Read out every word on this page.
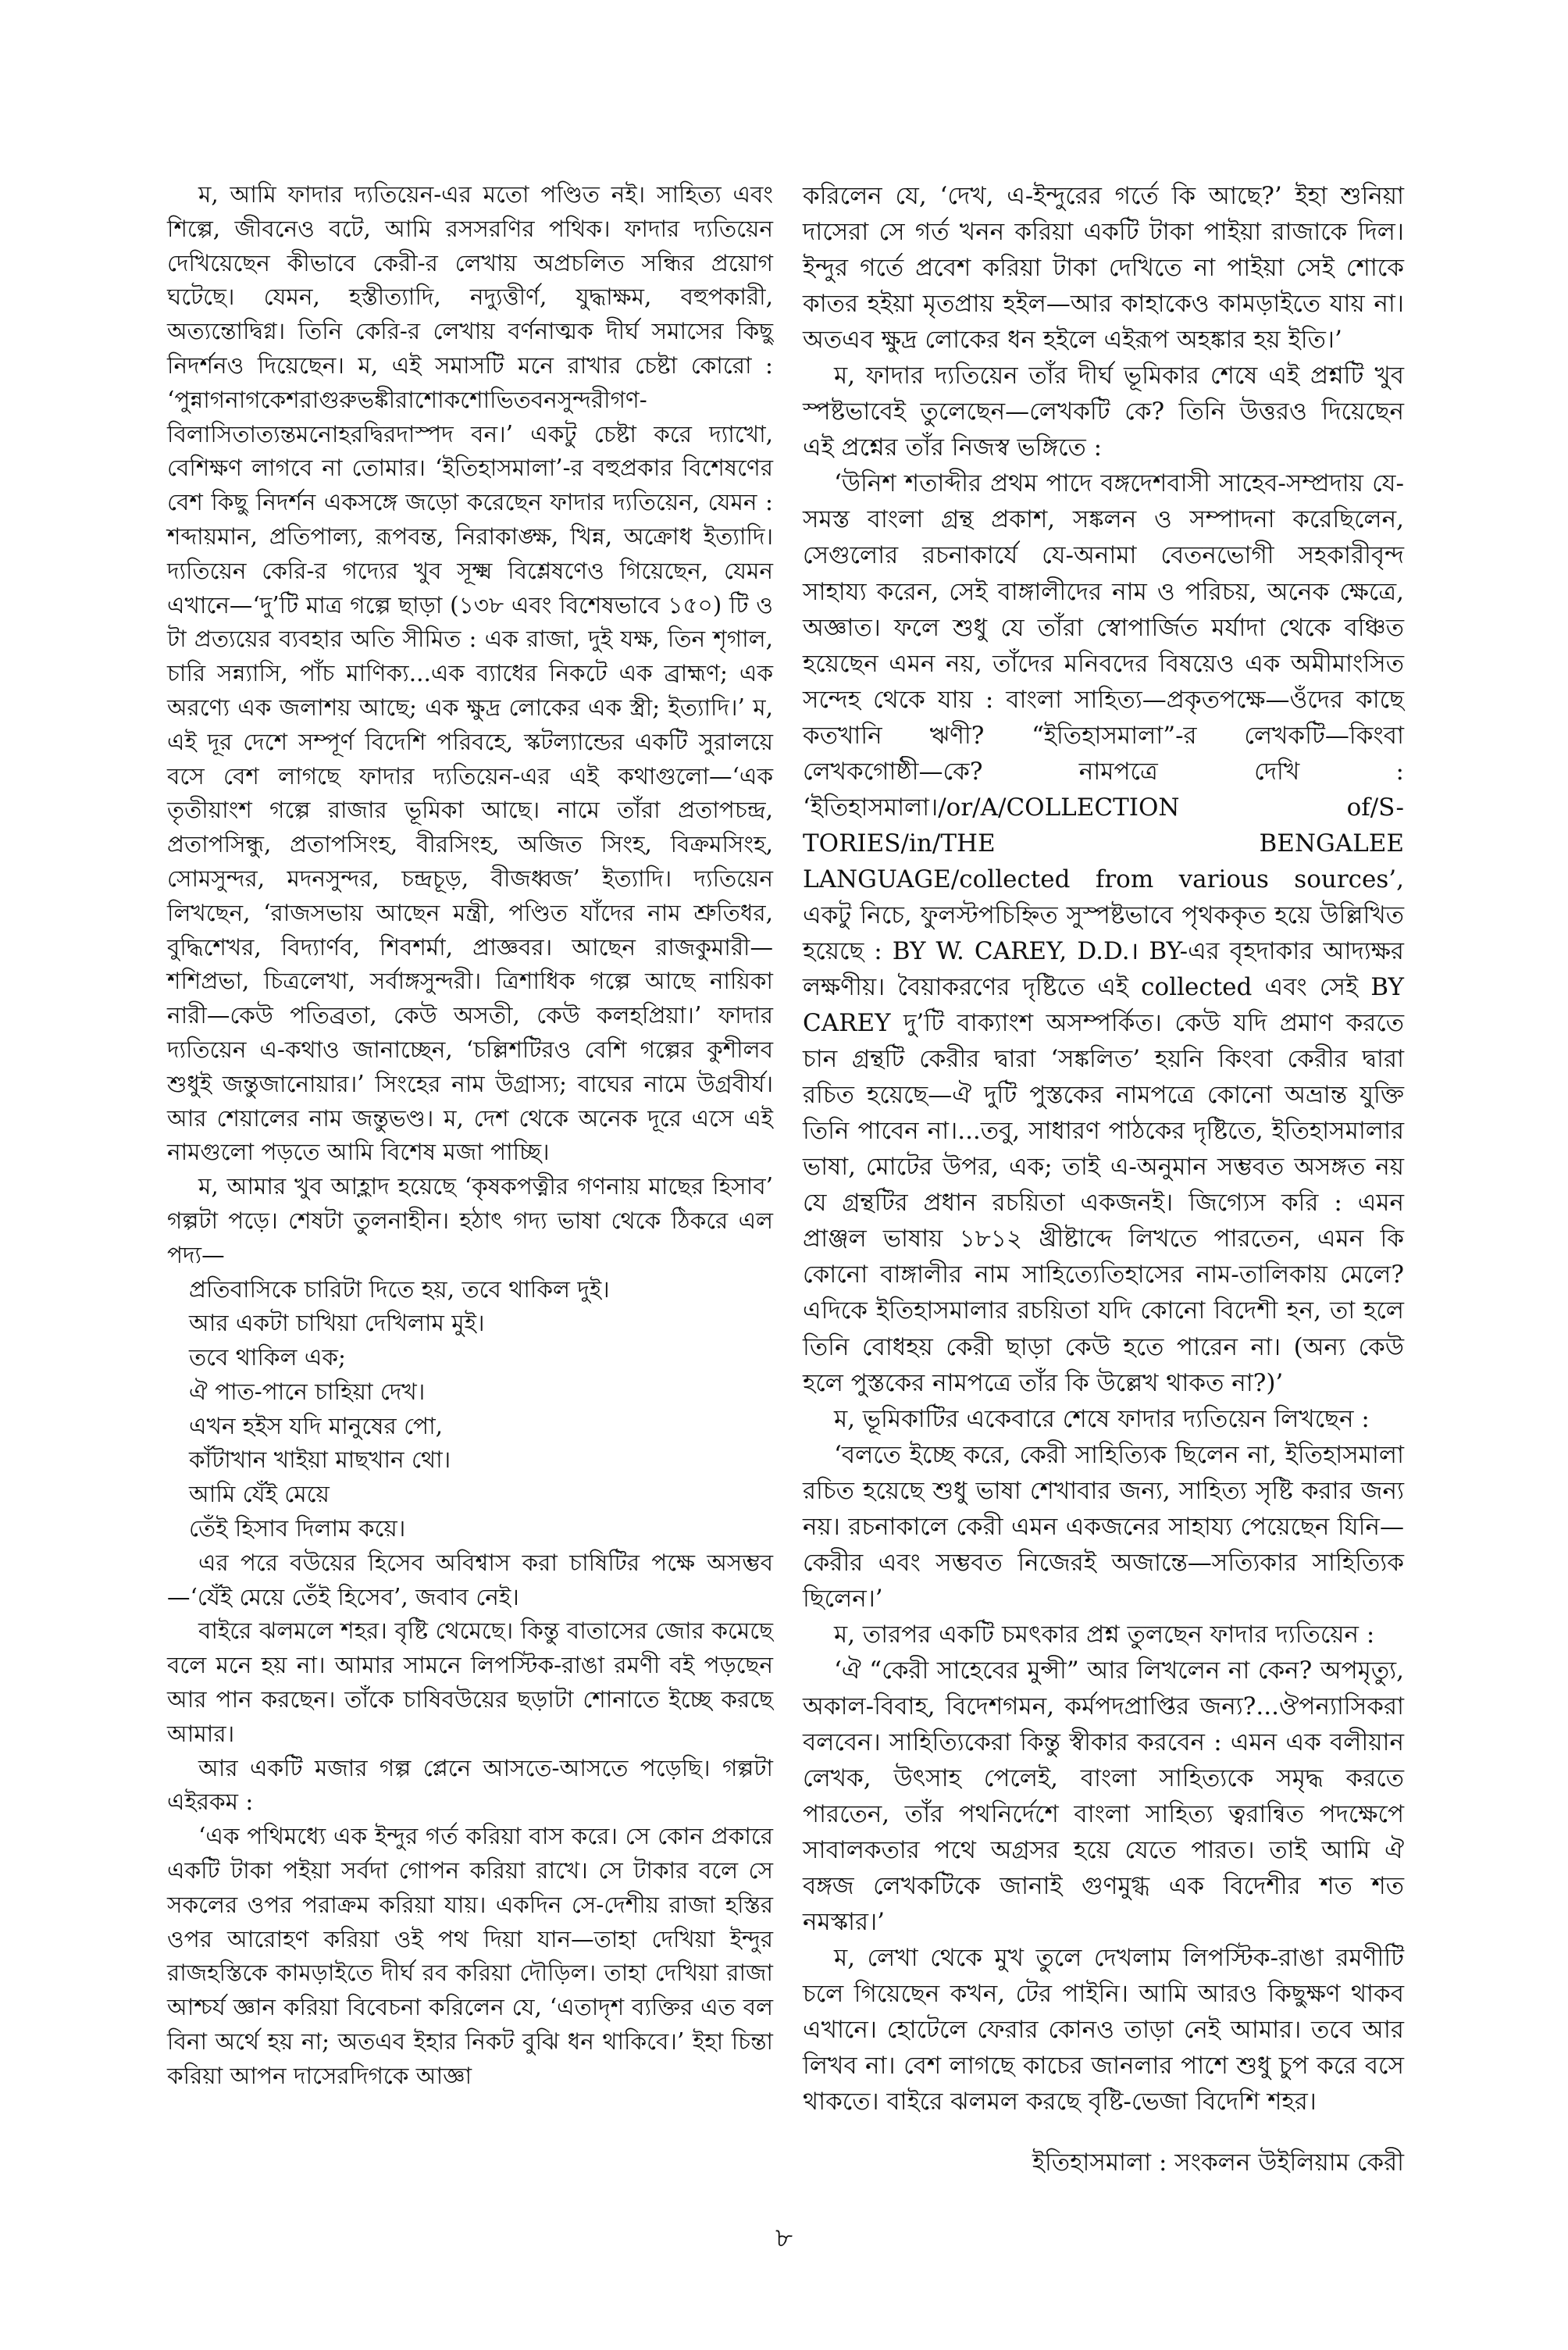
ম, আমি ফাদার দ্যতিয়েন-এর মতো পণ্ডিত নই। সাহিত্য এবং শিল্পে, জীবনেও বটে, আমি রসসরণির পথিক। ফাদার দ্যতিয়েন দেখিয়েছেন কীভাবে কেরী-র লেখায় অপ্রচলিত সন্ধির প্রয়োগ ঘটেছে। যেমন, হস্তীত্যাদি, নদ্যুত্তীর্ণ, যুদ্ধাক্ষম, বহুপকারী, অত্যন্তোদ্বিগ্ন। তিনি কেরি-র লেখায় বর্ণনাত্মক দীর্ঘ সমাসের কিছু নিদর্শনও দিয়েছেন। ম, এই সমাসটি মনে রাখার চেষ্টা কোরো : ‘পুন্নাগনাগকেশরাগুরুভঙ্কীরাশোকশোভিতবনসুন্দরীগণ-বিলাসিতাত্যন্তমনোহরদ্বিরদাস্পদ বন।’ একটু চেষ্টা করে দ্যাখো, বেশিক্ষণ লাগবে না তোমার। ‘ইতিহাসমালা’-র বহুপ্রকার বিশেষণের বেশ কিছু নিদর্শন একসঙ্গে জড়ো করেছেন ফাদার দ্যতিয়েন, যেমন : শব্দায়মান, প্রতিপাল্য, রূপবন্ত, নিরাকাঙ্ক্ষ, খিন্ন, অক্রোধ ইত্যাদি। দ্যতিয়েন কেরি-র গদ্যের খুব সূক্ষ্ম বিশ্লেষণেও গিয়েছেন, যেমন এখানে—‘দু’টি মাত্র গল্পে ছাড়া (১৩৮ এবং বিশেষভাবে ১৫০) টি ও টা প্রত্যয়ের ব্যবহার অতি সীমিত : এক রাজা, দুই যক্ষ, তিন শৃগাল, চারি সন্ন্যাসি, পাঁচ মাণিক্য...এক ব্যাধের নিকটে এক ব্রাহ্মণ; এক অরণ্যে এক জলাশয় আছে; এক ক্ষুদ্র লোকের এক স্ত্রী; ইত্যাদি।’ ম, এই দূর দেশে সম্পূর্ণ বিদেশি পরিবহে, স্কটল্যান্ডের একটি সুরালয়ে বসে বেশ লাগছে ফাদার দ্যতিয়েন-এর এই কথাগুলো—‘এক তৃতীয়াংশ গল্পে রাজার ভূমিকা আছে। নামে তাঁরা প্রতাপচন্দ্র, প্রতাপসিন্ধু, প্রতাপসিংহ, বীরসিংহ, অজিত সিংহ, বিক্রমসিংহ, সোমসুন্দর, মদনসুন্দর, চন্দ্রচূড়, বীজধ্বজ’ ইত্যাদি। দ্যতিয়েন লিখছেন, ‘রাজসভায় আছেন মন্ত্রী, পণ্ডিত যাঁদের নাম শ্রুতিধর, বুদ্ধিশেখর, বিদ্যার্ণব, শিবশর্মা, প্রাজ্ঞবর। আছেন রাজকুমারী—শশিপ্রভা, চিত্রলেখা, সর্বাঙ্গসুন্দরী। ত্রিশাধিক গল্পে আছে নায়িকা নারী—কেউ পতিব্রতা, কেউ অসতী, কেউ কলহপ্রিয়া।’ ফাদার দ্যতিয়েন এ-কথাও জানাচ্ছেন, ‘চল্লিশটিরও বেশি গল্পের কুশীলব শুধুই জন্তুজানোয়ার।’ সিংহের নাম উগ্রাস্য; বাঘের নামে উগ্রবীর্য। আর শেয়ালের নাম জন্তুভণ্ড। ম, দেশ থেকে অনেক দূরে এসে এই নামগুলো পড়তে আমি বিশেষ মজা পাচ্ছি।

ম, আমার খুব আহ্লাদ হয়েছে ‘কৃষকপত্নীর গণনায় মাছের হিসাব’ গল্পটা পড়ে। শেষটা তুলনাহীন। হঠাৎ গদ্য ভাষা থেকে ঠিকরে এল পদ্য—

প্রতিবাসিকে চারিটা দিতে হয়, তবে থাকিল দুই।
আর একটা চাখিয়া দেখিলাম মুই।
তবে থাকিল এক;
ঐ পাত-পানে চাহিয়া দেখ।
এখন হইস যদি মানুষের পো,
কাঁটাখান খাইয়া মাছখান থো।
আমি যেঁই মেয়ে
তেঁই হিসাব দিলাম কয়ে।

এর পরে বউয়ের হিসেব অবিশ্বাস করা চাষিটির পক্ষে অসম্ভব—‘যেঁই মেয়ে তেঁই হিসেব’, জবাব নেই।

বাইরে ঝলমলে শহর। বৃষ্টি থেমেছে। কিন্তু বাতাসের জোর কমেছে বলে মনে হয় না। আমার সামনে লিপস্টিক-রাঙা রমণী বই পড়ছেন আর পান করছেন। তাঁকে চাষিবউয়ের ছড়াটা শোনাতে ইচ্ছে করছে আমার।

আর একটি মজার গল্প প্লেনে আসতে-আসতে পড়েছি। গল্পটা এইরকম :

‘এক পথিমধ্যে এক ইন্দুর গর্ত করিয়া বাস করে। সে কোন প্রকারে একটি টাকা পইয়া সর্বদা গোপন করিয়া রাখে। সে টাকার বলে সে সকলের ওপর পরাক্রম করিয়া যায়। একদিন সে-দেশীয় রাজা হস্তির ওপর আরোহণ করিয়া ওই পথ দিয়া যান—তাহা দেখিয়া ইন্দুর রাজহস্তিকে কামড়াইতে দীর্ঘ রব করিয়া দৌড়িল। তাহা দেখিয়া রাজা আশ্চর্য জ্ঞান করিয়া বিবেচনা করিলেন যে, ‘এতাদৃশ ব্যক্তির এত বল বিনা অর্থে হয় না; অতএব ইহার নিকট বুঝি ধন থাকিবে।’ ইহা চিন্তা করিয়া আপন দাসেরদিগকে আজ্ঞা

করিলেন যে, ‘দেখ, এ-ইন্দুরের গর্তে কি আছে?’ ইহা শুনিয়া দাসেরা সে গর্ত খনন করিয়া একটি টাকা পাইয়া রাজাকে দিল। ইন্দুর গর্তে প্রবেশ করিয়া টাকা দেখিতে না পাইয়া সেই শোকে কাতর হইয়া মৃতপ্রায় হইল—আর কাহাকেও কামড়াইতে যায় না। অতএব ক্ষুদ্র লোকের ধন হইলে এইরূপ অহঙ্কার হয় ইতি।’

ম, ফাদার দ্যতিয়েন তাঁর দীর্ঘ ভূমিকার শেষে এই প্রশ্নটি খুব স্পষ্টভাবেই তুলেছেন—লেখকটি কে? তিনি উত্তরও দিয়েছেন এই প্রশ্নের তাঁর নিজস্ব ভঙ্গিতে :

‘উনিশ শতাব্দীর প্রথম পাদে বঙ্গদেশবাসী সাহেব-সম্প্রদায় যে-সমস্ত বাংলা গ্রন্থ প্রকাশ, সঙ্কলন ও সম্পাদনা করেছিলেন, সেগুলোর রচনাকার্যে যে-অনামা বেতনভোগী সহকারীবৃন্দ সাহায্য করেন, সেই বাঙ্গালীদের নাম ও পরিচয়, অনেক ক্ষেত্রে, অজ্ঞাত। ফলে শুধু যে তাঁরা স্বোপার্জিত মর্যাদা থেকে বঞ্চিত হয়েছেন এমন নয়, তাঁদের মনিবদের বিষয়েও এক অমীমাংসিত সন্দেহ থেকে যায় : বাংলা সাহিত্য—প্রকৃতপক্ষে—ওঁদের কাছে কতখানি ঋণী? “ইতিহাসমালা”-র লেখকটি—কিংবা লেখকগোষ্ঠী—কে? নামপত্রে দেখি : ‘ইতিহাসমালা।/or/A/COLLECTION of/S-TORIES/in/THE BENGALEE LANGUAGE/collected from various sources’, একটু নিচে, ফুলস্টপচিহ্নিত সুস্পষ্টভাবে পৃথককৃত হয়ে উল্লিখিত হয়েছে : BY W. CAREY, D.D.। BY-এর বৃহদাকার আদ্যক্ষর লক্ষণীয়। বৈয়াকরণের দৃষ্টিতে এই collected এবং সেই BY CAREY দু’টি বাক্যাংশ অসম্পর্কিত। কেউ যদি প্রমাণ করতে চান গ্রন্থটি কেরীর দ্বারা ‘সঙ্কলিত’ হয়নি কিংবা কেরীর দ্বারা রচিত হয়েছে—ঐ দুটি পুস্তকের নামপত্রে কোনো অভ্রান্ত যুক্তি তিনি পাবেন না।...তবু, সাধারণ পাঠকের দৃষ্টিতে, ইতিহাসমালার ভাষা, মোটের উপর, এক; তাই এ-অনুমান সম্ভবত অসঙ্গত নয় যে গ্রন্থটির প্রধান রচয়িতা একজনই। জিগ্যেস করি : এমন প্রাঞ্জল ভাষায় ১৮১২ খ্রীষ্টাব্দে লিখতে পারতেন, এমন কি কোনো বাঙ্গালীর নাম সাহিত্যেতিহাসের নাম-তালিকায় মেলে? এদিকে ইতিহাসমালার রচয়িতা যদি কোনো বিদেশী হন, তা হলে তিনি বোধহয় কেরী ছাড়া কেউ হতে পারেন না। (অন্য কেউ হলে পুস্তকের নামপত্রে তাঁর কি উল্লেখ থাকত না?)’

ম, ভূমিকাটির একেবারে শেষে ফাদার দ্যতিয়েন লিখছেন :

‘বলতে ইচ্ছে করে, কেরী সাহিত্যিক ছিলেন না, ইতিহাসমালা রচিত হয়েছে শুধু ভাষা শেখাবার জন্য, সাহিত্য সৃষ্টি করার জন্য নয়। রচনাকালে কেরী এমন একজনের সাহায্য পেয়েছেন যিনি—কেরীর এবং সম্ভবত নিজেরই অজান্তে—সত্যিকার সাহিত্যিক ছিলেন।’

ম, তারপর একটি চমৎকার প্রশ্ন তুলছেন ফাদার দ্যতিয়েন :

‘ঐ “কেরী সাহেবের মুন্সী” আর লিখলেন না কেন? অপমৃত্যু, অকাল-বিবাহ, বিদেশগমন, কর্মপদপ্রাপ্তির জন্য?...ঔপন্যাসিকরা বলবেন। সাহিত্যিকেরা কিন্তু স্বীকার করবেন : এমন এক বলীয়ান লেখক, উৎসাহ পেলেই, বাংলা সাহিত্যকে সমৃদ্ধ করতে পারতেন, তাঁর পথনির্দেশে বাংলা সাহিত্য ত্বরান্বিত পদক্ষেপে সাবালকতার পথে অগ্রসর হয়ে যেতে পারত। তাই আমি ঐ বঙ্গজ লেখকটিকে জানাই গুণমুগ্ধ এক বিদেশীর শত শত নমস্কার।’

ম, লেখা থেকে মুখ তুলে দেখলাম লিপস্টিক-রাঙা রমণীটি চলে গিয়েছেন কখন, টের পাইনি। আমি আরও কিছুক্ষণ থাকব এখানে। হোটেলে ফেরার কোনও তাড়া নেই আমার। তবে আর লিখব না। বেশ লাগছে কাচের জানলার পাশে শুধু চুপ করে বসে থাকতে। বাইরে ঝলমল করছে বৃষ্টি-ভেজা বিদেশি শহর।

ইতিহাসমালা : সংকলন উইলিয়াম কেরী
৮
